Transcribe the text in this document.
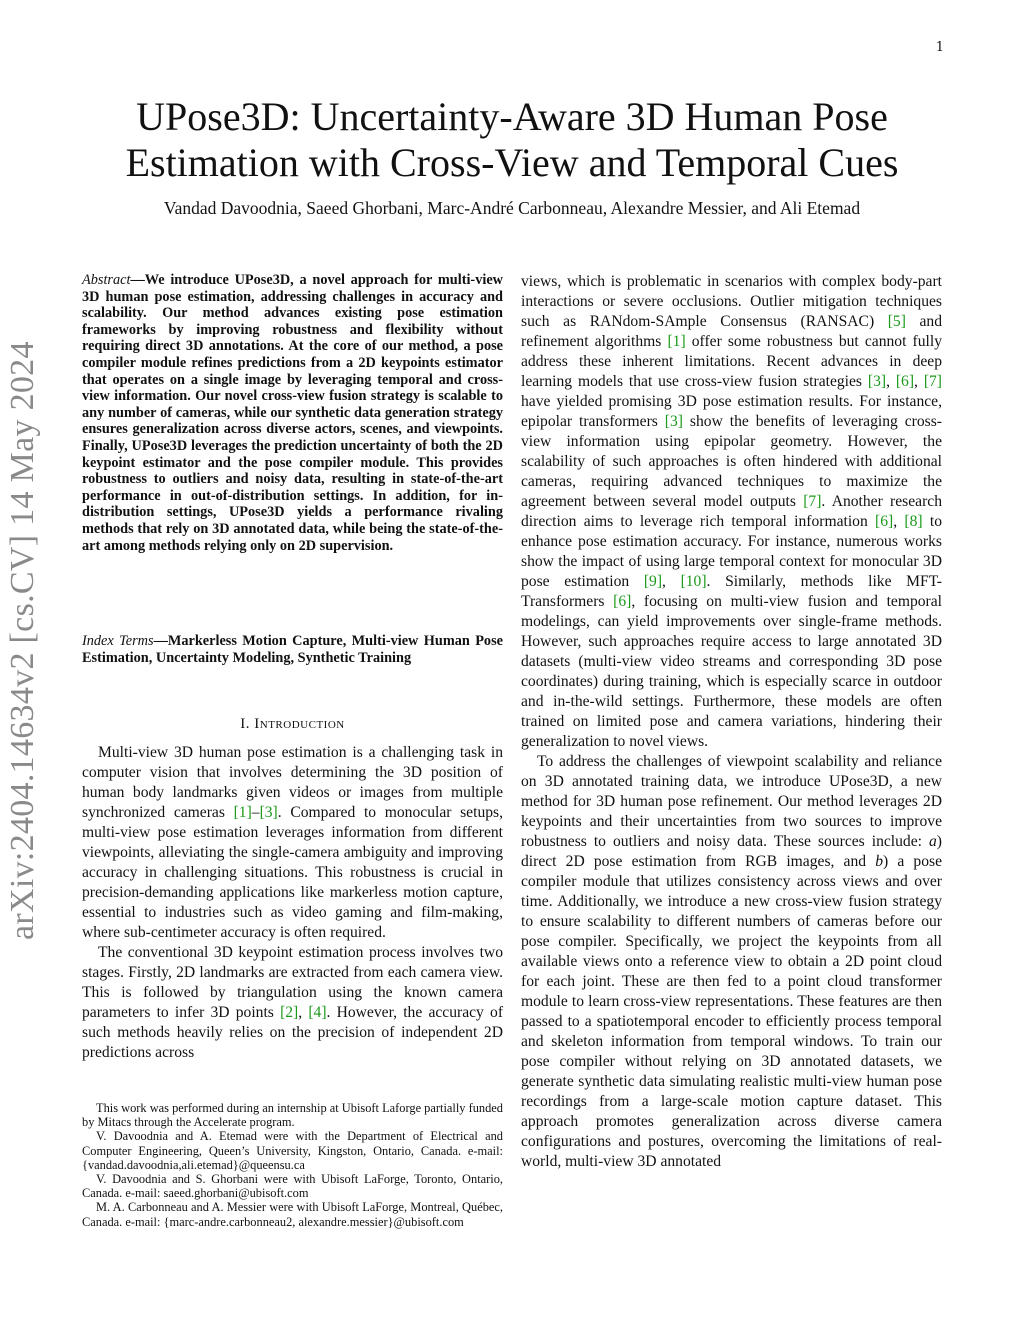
1
arXiv:2404.14634v2 [cs.CV] 14 May 2024
UPose3D: Uncertainty-Aware 3D Human Pose Estimation with Cross-View and Temporal Cues
Vandad Davoodnia, Saeed Ghorbani, Marc-André Carbonneau, Alexandre Messier, and Ali Etemad
Abstract—We introduce UPose3D, a novel approach for multi-view 3D human pose estimation, addressing challenges in accuracy and scalability. Our method advances existing pose estimation frameworks by improving robustness and flexibility without requiring direct 3D annotations. At the core of our method, a pose compiler module refines predictions from a 2D keypoints estimator that operates on a single image by leveraging temporal and cross-view information. Our novel cross-view fusion strategy is scalable to any number of cameras, while our synthetic data generation strategy ensures generalization across diverse actors, scenes, and viewpoints. Finally, UPose3D leverages the prediction uncertainty of both the 2D keypoint estimator and the pose compiler module. This provides robustness to outliers and noisy data, resulting in state-of-the-art performance in out-of-distribution settings. In addition, for in-distribution settings, UPose3D yields a performance rivaling methods that rely on 3D annotated data, while being the state-of-the-art among methods relying only on 2D supervision.
Index Terms—Markerless Motion Capture, Multi-view Human Pose Estimation, Uncertainty Modeling, Synthetic Training
I. Introduction

Multi-view 3D human pose estimation is a challenging task in computer vision that involves determining the 3D position of human body landmarks given videos or images from multiple synchronized cameras [1]–[3]. Compared to monocular setups, multi-view pose estimation leverages information from different viewpoints, alleviating the single-camera ambiguity and improving accuracy in challenging situations. This robustness is crucial in precision-demanding applications like markerless motion capture, essential to industries such as video gaming and film-making, where sub-centimeter accuracy is often required.

The conventional 3D keypoint estimation process involves two stages. Firstly, 2D landmarks are extracted from each camera view. This is followed by triangulation using the known camera parameters to infer 3D points [2], [4]. However, the accuracy of such methods heavily relies on the precision of independent 2D predictions across

This work was performed during an internship at Ubisoft Laforge partially funded by Mitacs through the Accelerate program.

V. Davoodnia and A. Etemad were with the Department of Electrical and Computer Engineering, Queen’s University, Kingston, Ontario, Canada. e-mail: {vandad.davoodnia,ali.etemad}@queensu.ca

V. Davoodnia and S. Ghorbani were with Ubisoft LaForge, Toronto, Ontario, Canada. e-mail: saeed.ghorbani@ubisoft.com

M. A. Carbonneau and A. Messier were with Ubisoft LaForge, Montreal, Québec, Canada. e-mail: {marc-andre.carbonneau2, alexandre.messier}@ubisoft.com

views, which is problematic in scenarios with complex body-part interactions or severe occlusions. Outlier mitigation techniques such as RANdom-SAmple Consensus (RANSAC) [5] and refinement algorithms [1] offer some robustness but cannot fully address these inherent limitations. Recent advances in deep learning models that use cross-view fusion strategies [3], [6], [7] have yielded promising 3D pose estimation results. For instance, epipolar transformers [3] show the benefits of leveraging cross-view information using epipolar geometry. However, the scalability of such approaches is often hindered with additional cameras, requiring advanced techniques to maximize the agreement between several model outputs [7]. Another research direction aims to leverage rich temporal information [6], [8] to enhance pose estimation accuracy. For instance, numerous works show the impact of using large temporal context for monocular 3D pose estimation [9], [10]. Similarly, methods like MFT-Transformers [6], focusing on multi-view fusion and temporal modelings, can yield improvements over single-frame methods. However, such approaches require access to large annotated 3D datasets (multi-view video streams and corresponding 3D pose coordinates) during training, which is especially scarce in outdoor and in-the-wild settings. Furthermore, these models are often trained on limited pose and camera variations, hindering their generalization to novel views.

To address the challenges of viewpoint scalability and reliance on 3D annotated training data, we introduce UPose3D, a new method for 3D human pose refinement. Our method leverages 2D keypoints and their uncertainties from two sources to improve robustness to outliers and noisy data. These sources include: a) direct 2D pose estimation from RGB images, and b) a pose compiler module that utilizes consistency across views and over time. Additionally, we introduce a new cross-view fusion strategy to ensure scalability to different numbers of cameras before our pose compiler. Specifically, we project the keypoints from all available views onto a reference view to obtain a 2D point cloud for each joint. These are then fed to a point cloud transformer module to learn cross-view representations. These features are then passed to a spatiotemporal encoder to efficiently process temporal and skeleton information from temporal windows. To train our pose compiler without relying on 3D annotated datasets, we generate synthetic data simulating realistic multi-view human pose recordings from a large-scale motion capture dataset. This approach promotes generalization across diverse camera configurations and postures, overcoming the limitations of real-world, multi-view 3D annotated
